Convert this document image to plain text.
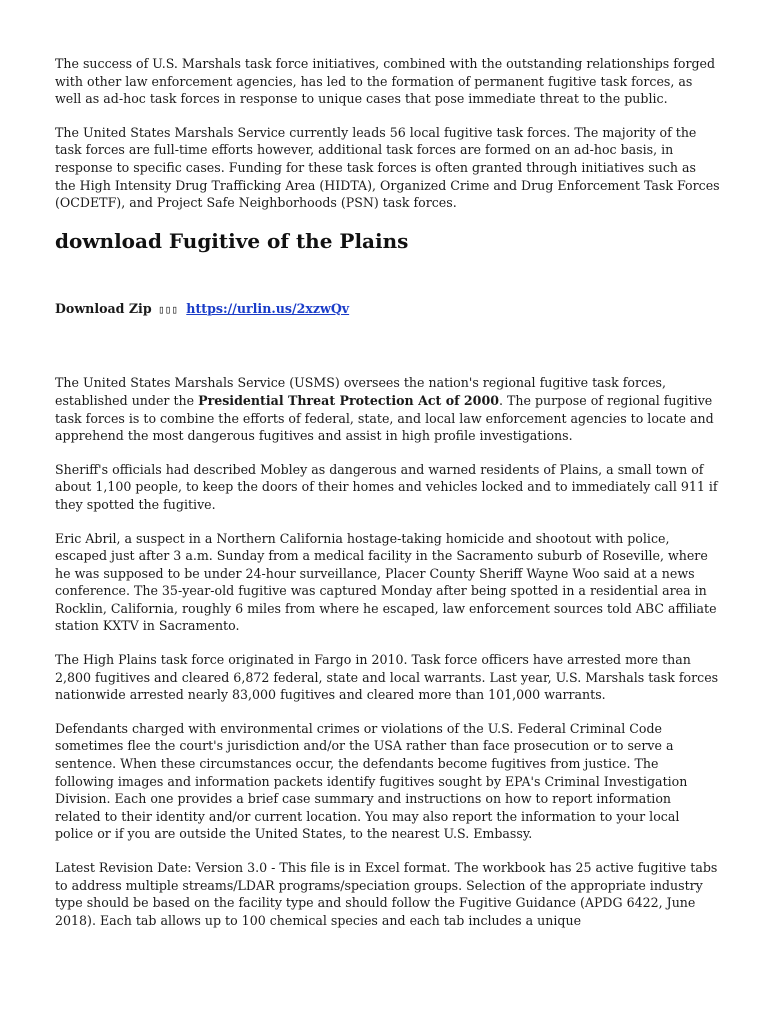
The success of U.S. Marshals task force initiatives, combined with the outstanding relationships forged with other law enforcement agencies, has led to the formation of permanent fugitive task forces, as well as ad-hoc task forces in response to unique cases that pose immediate threat to the public.

The United States Marshals Service currently leads 56 local fugitive task forces. The majority of the task forces are full-time efforts however, additional task forces are formed on an ad-hoc basis, in response to specific cases. Funding for these task forces is often granted through initiatives such as the High Intensity Drug Trafficking Area (HIDTA), Organized Crime and Drug Enforcement Task Forces (OCDETF), and Project Safe Neighborhoods (PSN) task forces.

download Fugitive of the Plains
Download Zip ▯▯▯ https://urlin.us/2xzwQv

The United States Marshals Service (USMS) oversees the nation's regional fugitive task forces, established under the Presidential Threat Protection Act of 2000. The purpose of regional fugitive task forces is to combine the efforts of federal, state, and local law enforcement agencies to locate and apprehend the most dangerous fugitives and assist in high profile investigations.

Sheriff's officials had described Mobley as dangerous and warned residents of Plains, a small town of about 1,100 people, to keep the doors of their homes and vehicles locked and to immediately call 911 if they spotted the fugitive.

Eric Abril, a suspect in a Northern California hostage-taking homicide and shootout with police, escaped just after 3 a.m. Sunday from a medical facility in the Sacramento suburb of Roseville, where he was supposed to be under 24-hour surveillance, Placer County Sheriff Wayne Woo said at a news conference. The 35-year-old fugitive was captured Monday after being spotted in a residential area in Rocklin, California, roughly 6 miles from where he escaped, law enforcement sources told ABC affiliate station KXTV in Sacramento.

The High Plains task force originated in Fargo in 2010. Task force officers have arrested more than 2,800 fugitives and cleared 6,872 federal, state and local warrants. Last year, U.S. Marshals task forces nationwide arrested nearly 83,000 fugitives and cleared more than 101,000 warrants.

Defendants charged with environmental crimes or violations of the U.S. Federal Criminal Code sometimes flee the court's jurisdiction and/or the USA rather than face prosecution or to serve a sentence. When these circumstances occur, the defendants become fugitives from justice. The following images and information packets identify fugitives sought by EPA's Criminal Investigation Division. Each one provides a brief case summary and instructions on how to report information related to their identity and/or current location. You may also report the information to your local police or if you are outside the United States, to the nearest U.S. Embassy.

Latest Revision Date: Version 3.0 - This file is in Excel format. The workbook has 25 active fugitive tabs to address multiple streams/LDAR programs/speciation groups. Selection of the appropriate industry type should be based on the facility type and should follow the Fugitive Guidance (APDG 6422, June 2018). Each tab allows up to 100 chemical species and each tab includes a unique
